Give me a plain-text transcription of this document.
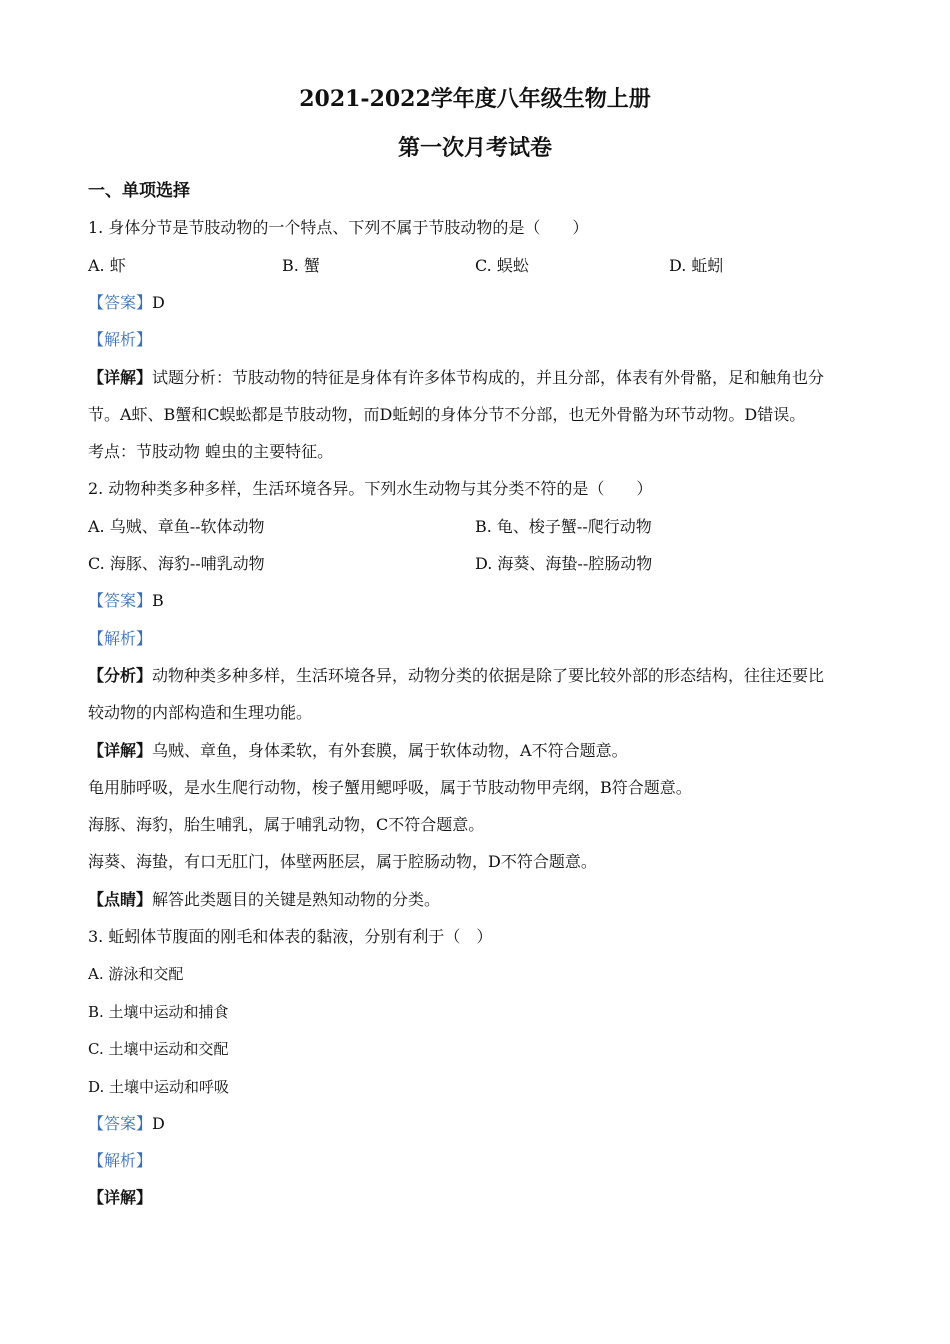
2021-2022学年度八年级生物上册
第一次月考试卷
一、单项选择
1. 身体分节是节肢动物的一个特点、下列不属于节肢动物的是（　　）
A. 虾	B. 蟹	C. 蜈蚣	D. 蚯蚓
【答案】D
【解析】
【详解】试题分析：节肢动物的特征是身体有许多体节构成的，并且分部，体表有外骨骼，足和触角也分
节。A虾、B蟹和C蜈蚣都是节肢动物，而D蚯蚓的身体分节不分部，也无外骨骼为环节动物。D错误。
考点：节肢动物 蝗虫的主要特征。
2. 动物种类多种多样，生活环境各异。下列水生动物与其分类不符的是（　　）
A. 乌贼、章鱼--软体动物	B. 龟、梭子蟹--爬行动物
C. 海豚、海豹--哺乳动物	D. 海葵、海蛰--腔肠动物
【答案】B
【解析】
【分析】动物种类多种多样，生活环境各异，动物分类的依据是除了要比较外部的形态结构，往往还要比
较动物的内部构造和生理功能。
【详解】乌贼、章鱼，身体柔软，有外套膜，属于软体动物，A不符合题意。
龟用肺呼吸，是水生爬行动物，梭子蟹用鳃呼吸，属于节肢动物甲壳纲，B符合题意。
海豚、海豹，胎生哺乳，属于哺乳动物，C不符合题意。
海葵、海蛰，有口无肛门，体壁两胚层，属于腔肠动物，D不符合题意。
【点睛】解答此类题目的关键是熟知动物的分类。
3. 蚯蚓体节腹面的刚毛和体表的黏液，分别有利于（　）
A. 游泳和交配
B. 土壤中运动和捕食
C. 土壤中运动和交配
D. 土壤中运动和呼吸
【答案】D
【解析】
【详解】
